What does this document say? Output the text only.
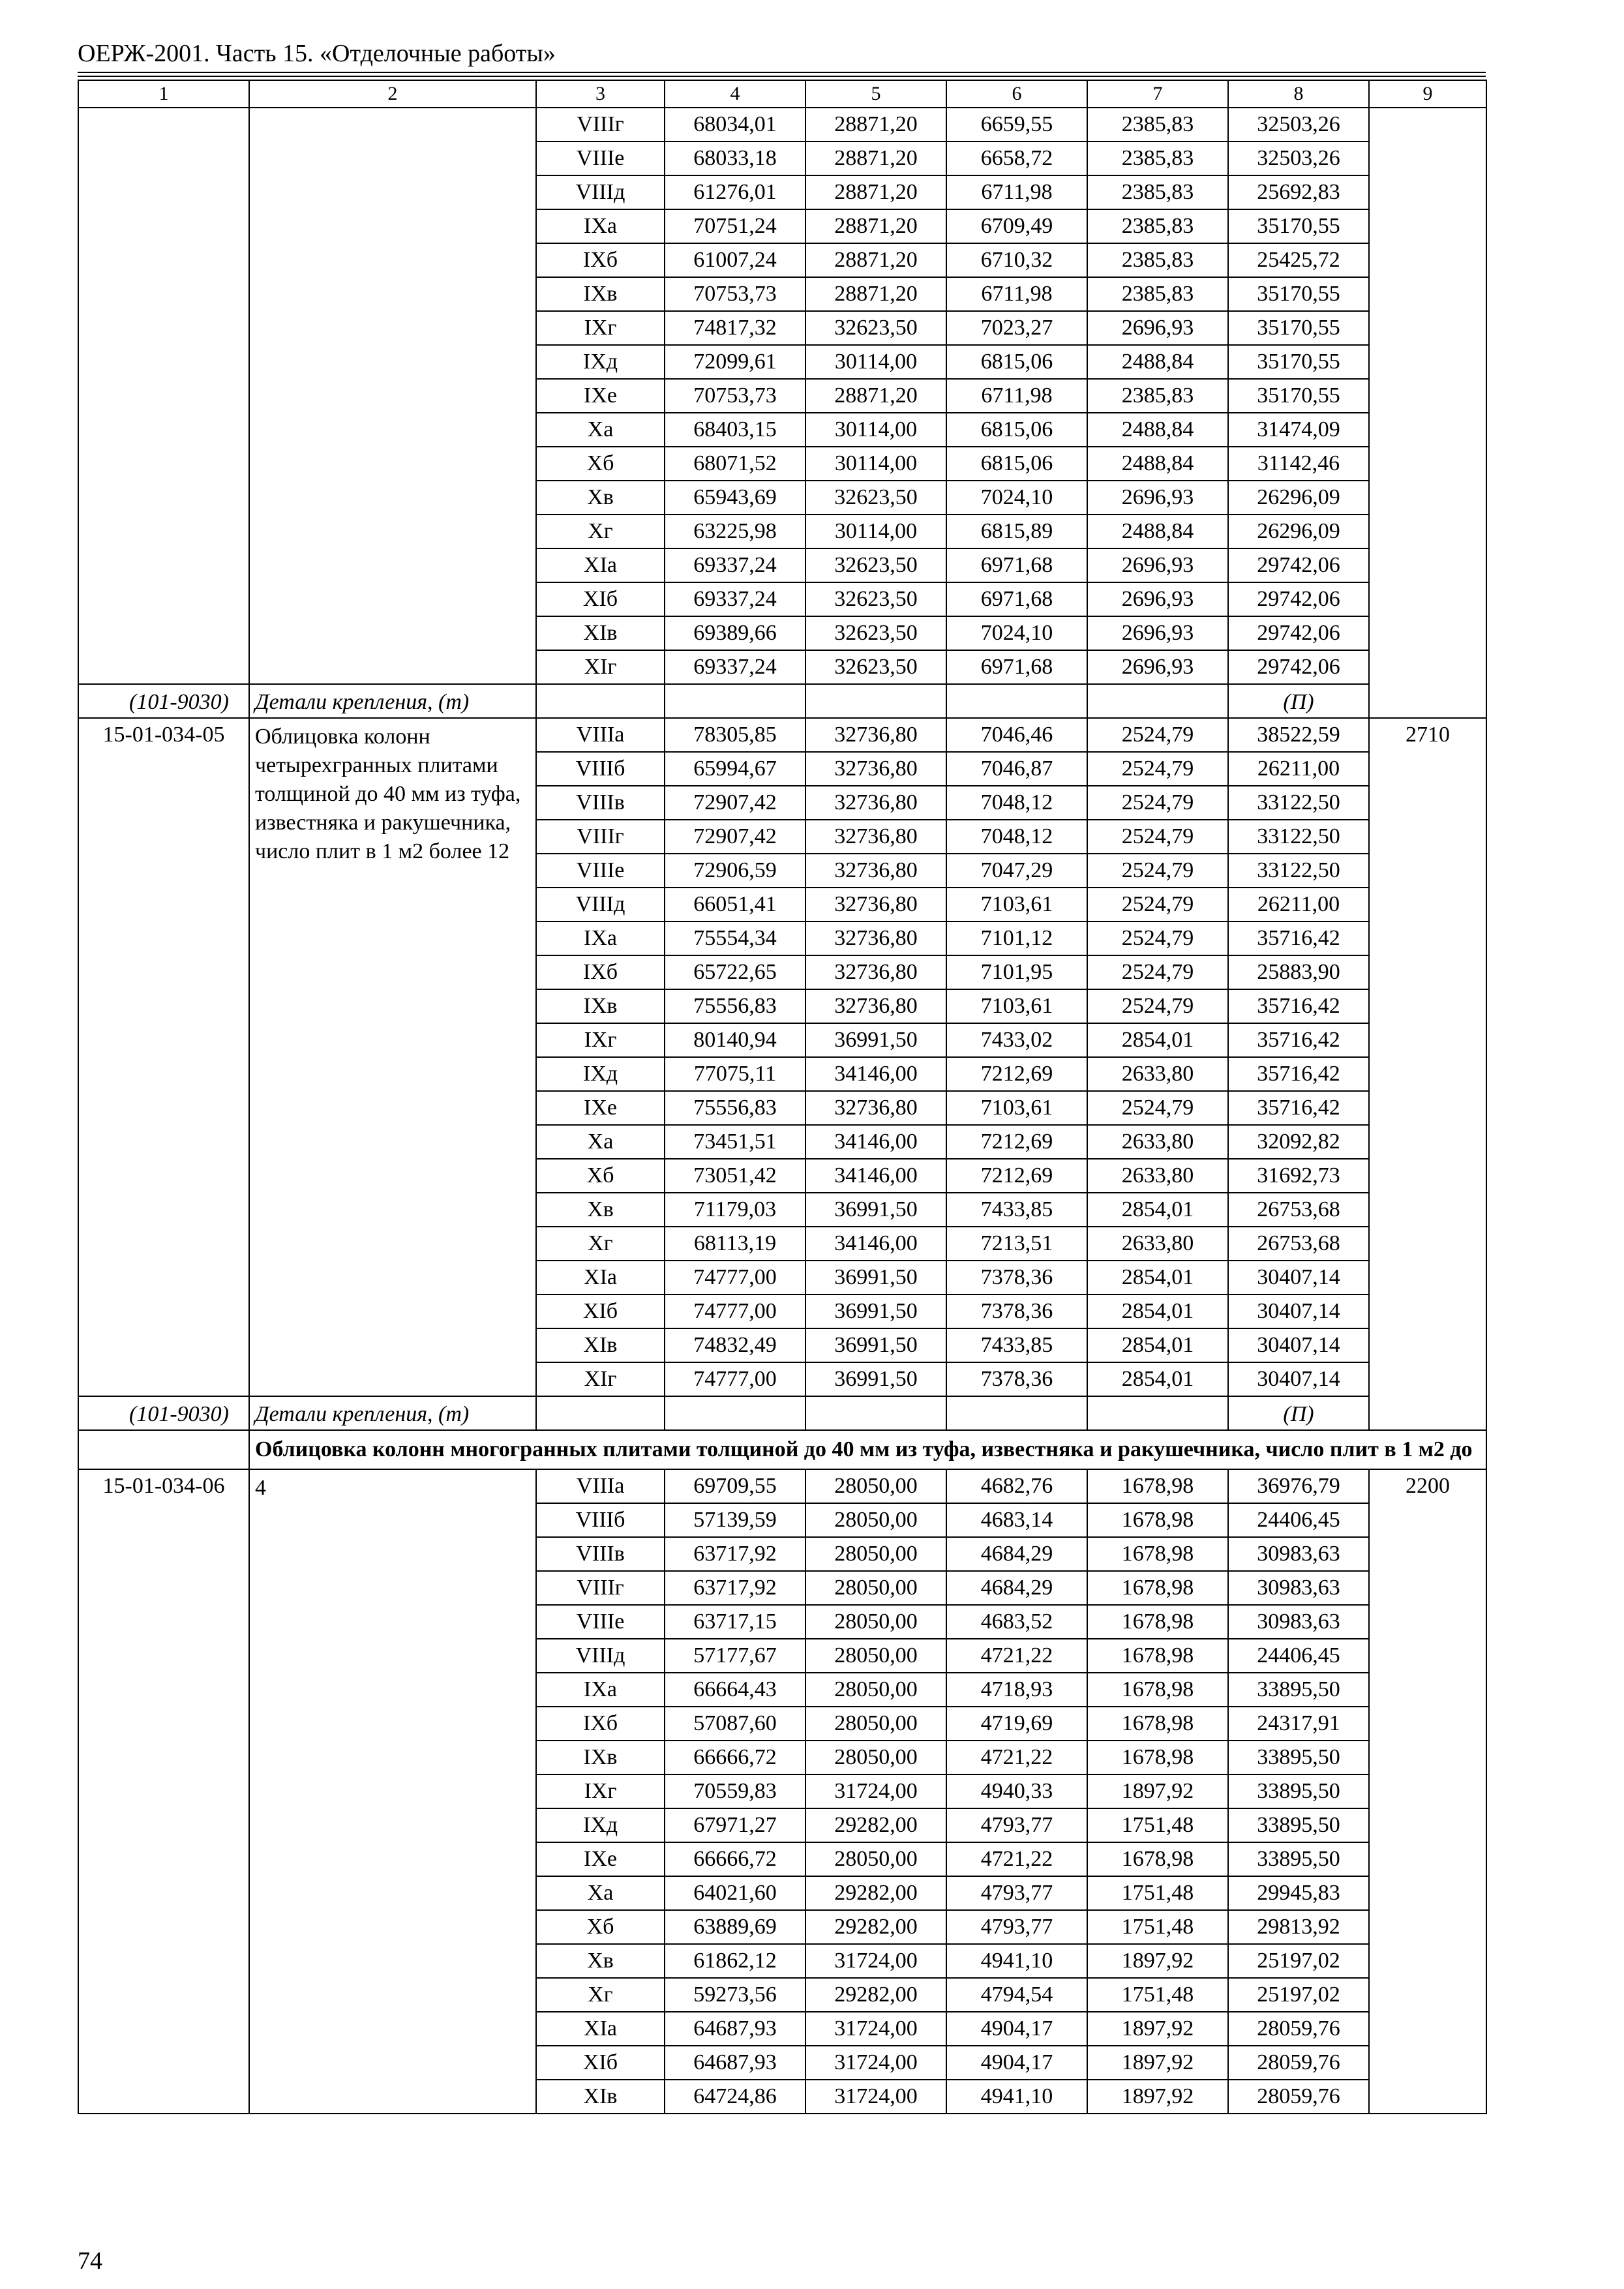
ОЕРЖ-2001. Часть 15. «Отделочные работы»
1	2	3	4	5	6	7	8	9
		VIIIг	68034,01	28871,20	6659,55	2385,83	32503,26	
		VIIIе	68033,18	28871,20	6658,72	2385,83	32503,26	
		VIIIд	61276,01	28871,20	6711,98	2385,83	25692,83	
		IXa	70751,24	28871,20	6709,49	2385,83	35170,55	
		IXб	61007,24	28871,20	6710,32	2385,83	25425,72	
		IXв	70753,73	28871,20	6711,98	2385,83	35170,55	
		IXг	74817,32	32623,50	7023,27	2696,93	35170,55	
		IXд	72099,61	30114,00	6815,06	2488,84	35170,55	
		IXе	70753,73	28871,20	6711,98	2385,83	35170,55	
		Xa	68403,15	30114,00	6815,06	2488,84	31474,09	
		Xб	68071,52	30114,00	6815,06	2488,84	31142,46	
		Xв	65943,69	32623,50	7024,10	2696,93	26296,09	
		Xг	63225,98	30114,00	6815,89	2488,84	26296,09	
		XIa	69337,24	32623,50	6971,68	2696,93	29742,06	
		XIб	69337,24	32623,50	6971,68	2696,93	29742,06	
		XIв	69389,66	32623,50	7024,10	2696,93	29742,06	
		XIг	69337,24	32623,50	6971,68	2696,93	29742,06	
(101-9030)	Детали крепления, (т)						(П)	
15-01-034-05	Облицовка колонн четырехгранных плитами толщиной до 40 мм из туфа, известняка и ракушечника, число плит в 1 м2 более 12	VIIIa	78305,85	32736,80	7046,46	2524,79	38522,59	2710
		VIIIб	65994,67	32736,80	7046,87	2524,79	26211,00	
		VIIIв	72907,42	32736,80	7048,12	2524,79	33122,50	
		VIIIг	72907,42	32736,80	7048,12	2524,79	33122,50	
		VIIIе	72906,59	32736,80	7047,29	2524,79	33122,50	
		VIIIд	66051,41	32736,80	7103,61	2524,79	26211,00	
		IXa	75554,34	32736,80	7101,12	2524,79	35716,42	
		IXб	65722,65	32736,80	7101,95	2524,79	25883,90	
		IXв	75556,83	32736,80	7103,61	2524,79	35716,42	
		IXг	80140,94	36991,50	7433,02	2854,01	35716,42	
		IXд	77075,11	34146,00	7212,69	2633,80	35716,42	
		IXе	75556,83	32736,80	7103,61	2524,79	35716,42	
		Xa	73451,51	34146,00	7212,69	2633,80	32092,82	
		Xб	73051,42	34146,00	7212,69	2633,80	31692,73	
		Xв	71179,03	36991,50	7433,85	2854,01	26753,68	
		Xг	68113,19	34146,00	7213,51	2633,80	26753,68	
		XIa	74777,00	36991,50	7378,36	2854,01	30407,14	
		XIб	74777,00	36991,50	7378,36	2854,01	30407,14	
		XIв	74832,49	36991,50	7433,85	2854,01	30407,14	
		XIг	74777,00	36991,50	7378,36	2854,01	30407,14	
(101-9030)	Детали крепления, (т)						(П)	
	Облицовка колонн многогранных плитами толщиной до 40 мм из туфа, известняка и ракушечника, число плит в 1 м2 до							
15-01-034-06	4	VIIIa	69709,55	28050,00	4682,76	1678,98	36976,79	2200
		VIIIб	57139,59	28050,00	4683,14	1678,98	24406,45	
		VIIIв	63717,92	28050,00	4684,29	1678,98	30983,63	
		VIIIг	63717,92	28050,00	4684,29	1678,98	30983,63	
		VIIIе	63717,15	28050,00	4683,52	1678,98	30983,63	
		VIIIд	57177,67	28050,00	4721,22	1678,98	24406,45	
		IXa	66664,43	28050,00	4718,93	1678,98	33895,50	
		IXб	57087,60	28050,00	4719,69	1678,98	24317,91	
		IXв	66666,72	28050,00	4721,22	1678,98	33895,50	
		IXг	70559,83	31724,00	4940,33	1897,92	33895,50	
		IXд	67971,27	29282,00	4793,77	1751,48	33895,50	
		IXе	66666,72	28050,00	4721,22	1678,98	33895,50	
		Xa	64021,60	29282,00	4793,77	1751,48	29945,83	
		Xб	63889,69	29282,00	4793,77	1751,48	29813,92	
		Xв	61862,12	31724,00	4941,10	1897,92	25197,02	
		Xг	59273,56	29282,00	4794,54	1751,48	25197,02	
		XIa	64687,93	31724,00	4904,17	1897,92	28059,76	
		XIб	64687,93	31724,00	4904,17	1897,92	28059,76	
		XIв	64724,86	31724,00	4941,10	1897,92	28059,76	
74
